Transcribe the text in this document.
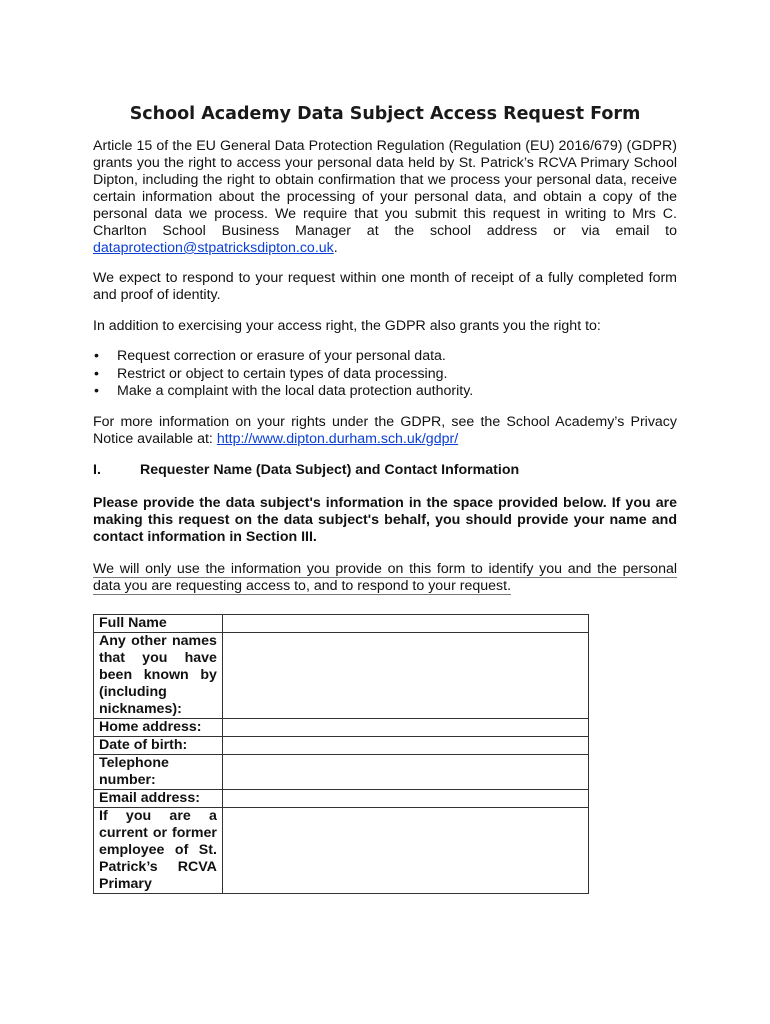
School Academy Data Subject Access Request Form

Article 15 of the EU General Data Protection Regulation (Regulation (EU) 2016/679) (GDPR) grants you the right to access your personal data held by St. Patrick’s RCVA Primary School Dipton, including the right to obtain confirmation that we process your personal data, receive certain information about the processing of your personal data, and obtain a copy of the personal data we process. We require that you submit this request in writing to Mrs C. Charlton School Business Manager at the school address or via email to dataprotection@stpatricksdipton.co.uk.

We expect to respond to your request within one month of receipt of a fully completed form and proof of identity.

In addition to exercising your access right, the GDPR also grants you the right to:

• Request correction or erasure of your personal data.
• Restrict or object to certain types of data processing.
• Make a complaint with the local data protection authority.

For more information on your rights under the GDPR, see the School Academy’s Privacy Notice available at: http://www.dipton.durham.sch.uk/gdpr/

I.	Requester Name (Data Subject) and Contact Information

Please provide the data subject's information in the space provided below. If you are making this request on the data subject's behalf, you should provide your name and contact information in Section III.

We will only use the information you provide on this form to identify you and the personal data you are requesting access to, and to respond to your request.

Full Name	
Any other names that you have been known by (including nicknames):	
Home address:	
Date of birth:	
Telephone number:	
Email address:	
If you are a current or former employee of St. Patrick’s RCVA Primary	
